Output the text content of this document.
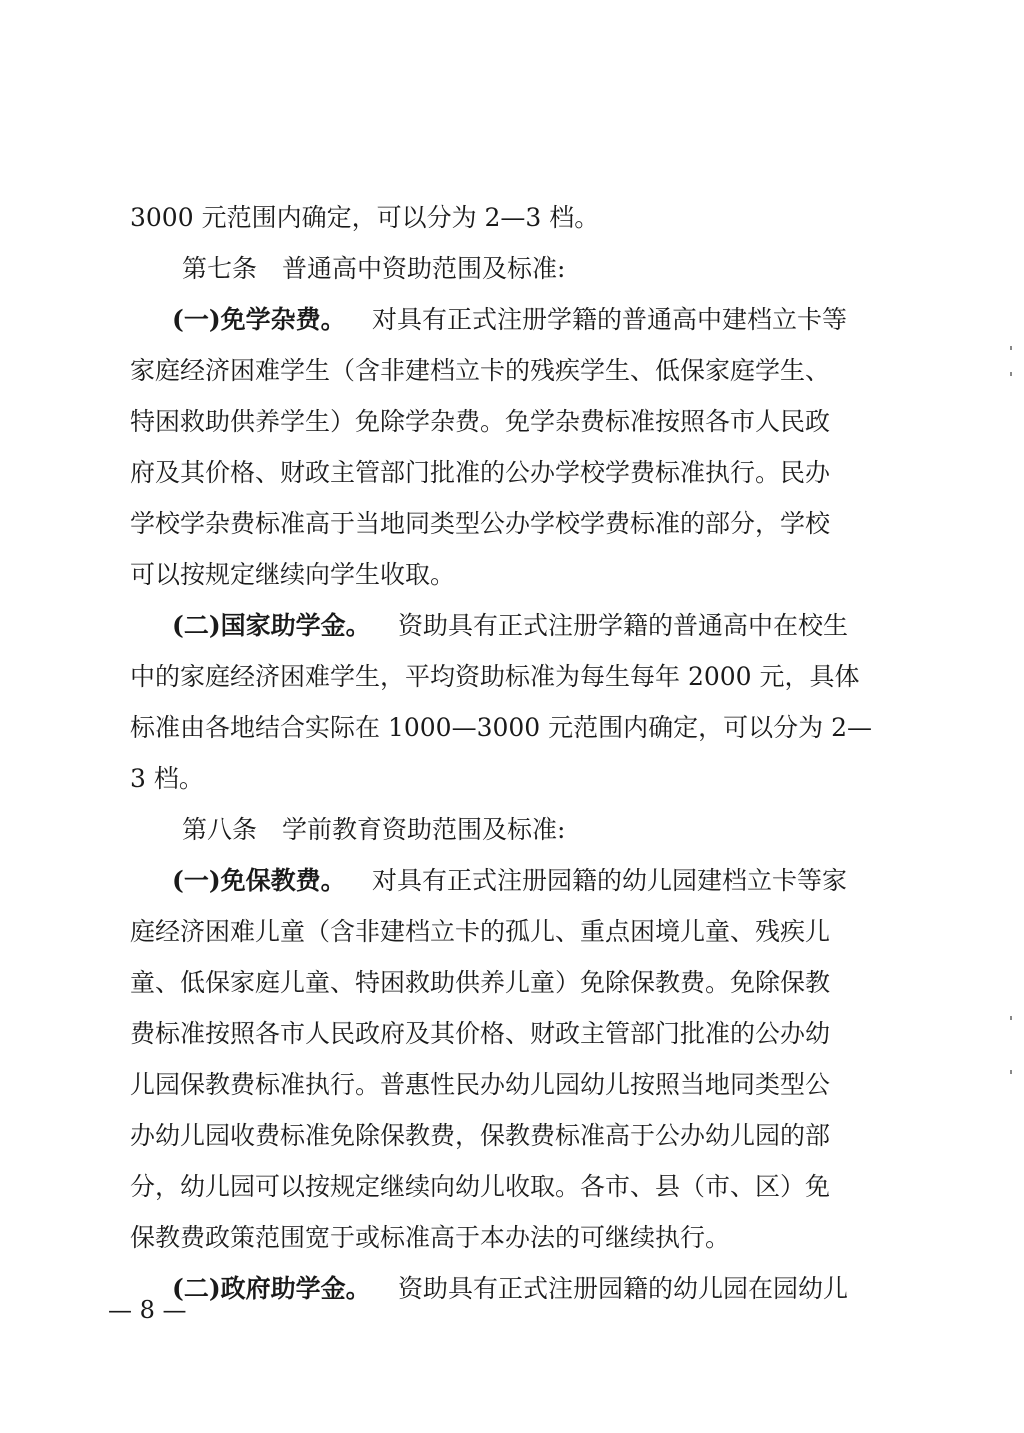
3000 元范围内确定，可以分为 2—3 档。
第七条　普通高中资助范围及标准:
(一)免学杂费。 对具有正式注册学籍的普通高中建档立卡等
家庭经济困难学生（含非建档立卡的残疾学生、低保家庭学生、
特困救助供养学生）免除学杂费。免学杂费标准按照各市人民政
府及其价格、财政主管部门批准的公办学校学费标准执行。民办
学校学杂费标准高于当地同类型公办学校学费标准的部分，学校
可以按规定继续向学生收取。
(二)国家助学金。 资助具有正式注册学籍的普通高中在校生
中的家庭经济困难学生，平均资助标准为每生每年 2000 元，具体
标准由各地结合实际在 1000—3000 元范围内确定，可以分为 2—
3 档。
第八条　学前教育资助范围及标准:
(一)免保教费。 对具有正式注册园籍的幼儿园建档立卡等家
庭经济困难儿童（含非建档立卡的孤儿、重点困境儿童、残疾儿
童、低保家庭儿童、特困救助供养儿童）免除保教费。免除保教
费标准按照各市人民政府及其价格、财政主管部门批准的公办幼
儿园保教费标准执行。普惠性民办幼儿园幼儿按照当地同类型公
办幼儿园收费标准免除保教费，保教费标准高于公办幼儿园的部
分，幼儿园可以按规定继续向幼儿收取。各市、县（市、区）免
保教费政策范围宽于或标准高于本办法的可继续执行。
(二)政府助学金。 资助具有正式注册园籍的幼儿园在园幼儿
— 8 —
